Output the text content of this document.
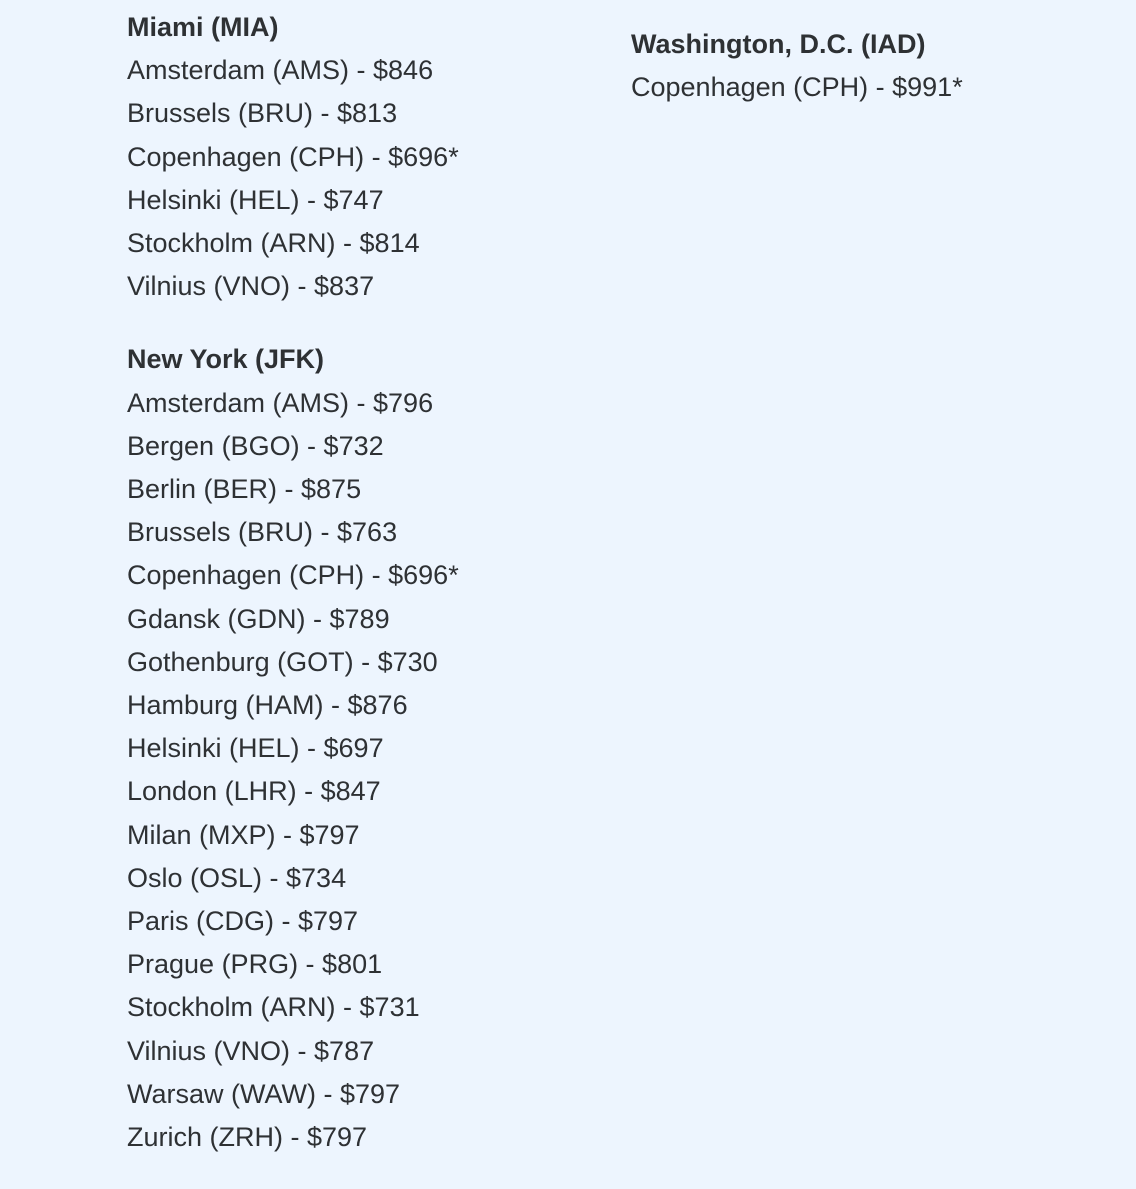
Miami (MIA)

Amsterdam (AMS) - $846

Brussels (BRU) - $813

Copenhagen (CPH) - $696*

Helsinki (HEL) - $747

Stockholm (ARN) - $814

Vilnius (VNO) - $837

New York (JFK)

Amsterdam (AMS) - $796

Bergen (BGO) - $732

Berlin (BER) - $875

Brussels (BRU) - $763

Copenhagen (CPH) - $696*

Gdansk (GDN) - $789

Gothenburg (GOT) - $730

Hamburg (HAM) - $876

Helsinki (HEL) - $697

London (LHR) - $847

Milan (MXP) - $797

Oslo (OSL) - $734

Paris (CDG) - $797

Prague (PRG) - $801

Stockholm (ARN) - $731

Vilnius (VNO) - $787

Warsaw (WAW) - $797

Zurich (ZRH) - $797

Washington, D.C. (IAD)

Copenhagen (CPH) - $991*
